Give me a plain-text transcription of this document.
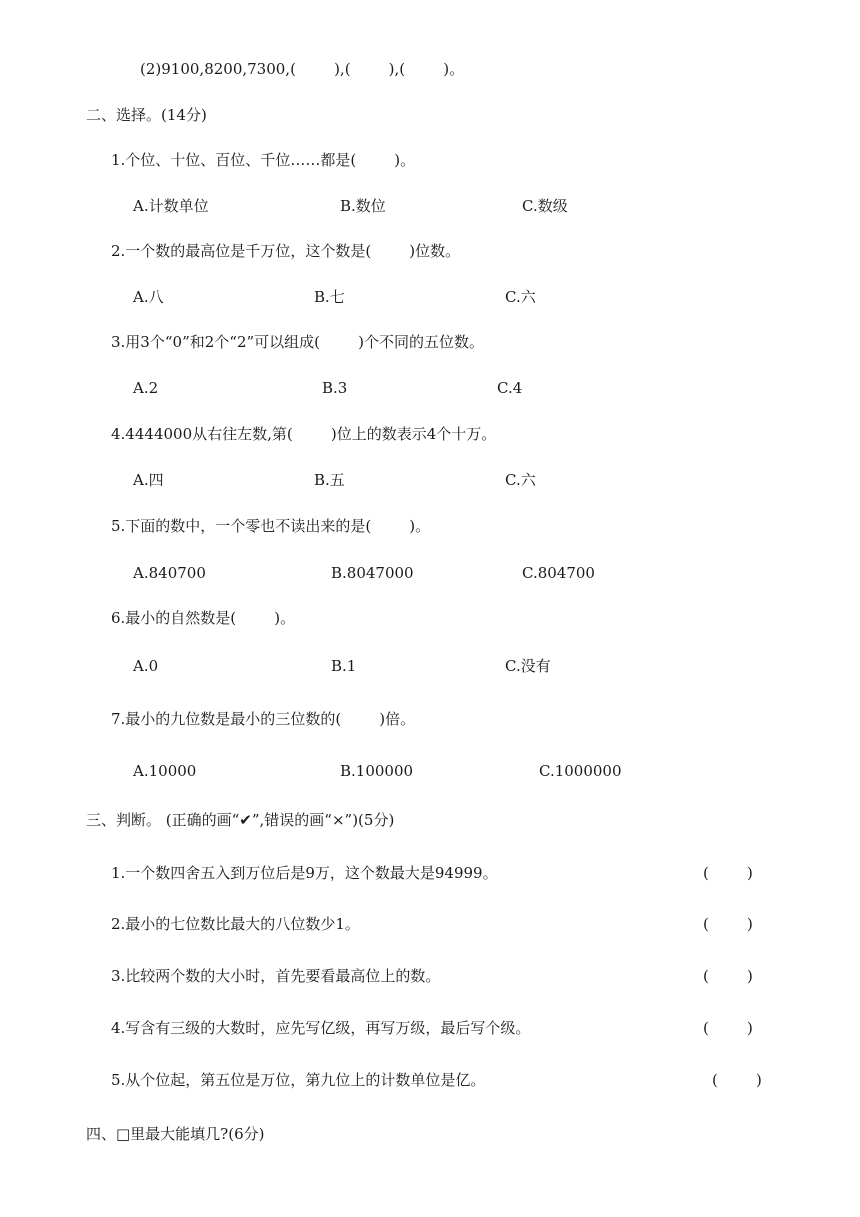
(2)9100,8200,7300,(        ),(        ),(        )。
二、选择。(14分)
1.个位、十位、百位、千位……都是(        )。
A.计数单位	B.数位	C.数级
2.一个数的最高位是千万位，这个数是(        )位数。
A.八	B.七	C.六
3.用3个“0”和2个“2”可以组成(        )个不同的五位数。
A.2	B.3	C.4
4.4444000从右往左数,第(        )位上的数表示4个十万。
A.四	B.五	C.六
5.下面的数中，一个零也不读出来的是(        )。
A.840700	B.8047000	C.804700
6.最小的自然数是(        )。
A.0	B.1	C.没有
7.最小的九位数是最小的三位数的(        )倍。
A.10000	B.100000	C.1000000
三、判断。 (正确的画“✔”,错误的画“×”)(5分)
1.一个数四舍五入到万位后是9万，这个数最大是94999。	(        )
2.最小的七位数比最大的八位数少1。	(        )
3.比较两个数的大小时，首先要看最高位上的数。	(        )
4.写含有三级的大数时，应先写亿级，再写万级，最后写个级。	(        )
5.从个位起，第五位是万位，第九位上的计数单位是亿。	(        )
四、□里最大能填几?(6分)
